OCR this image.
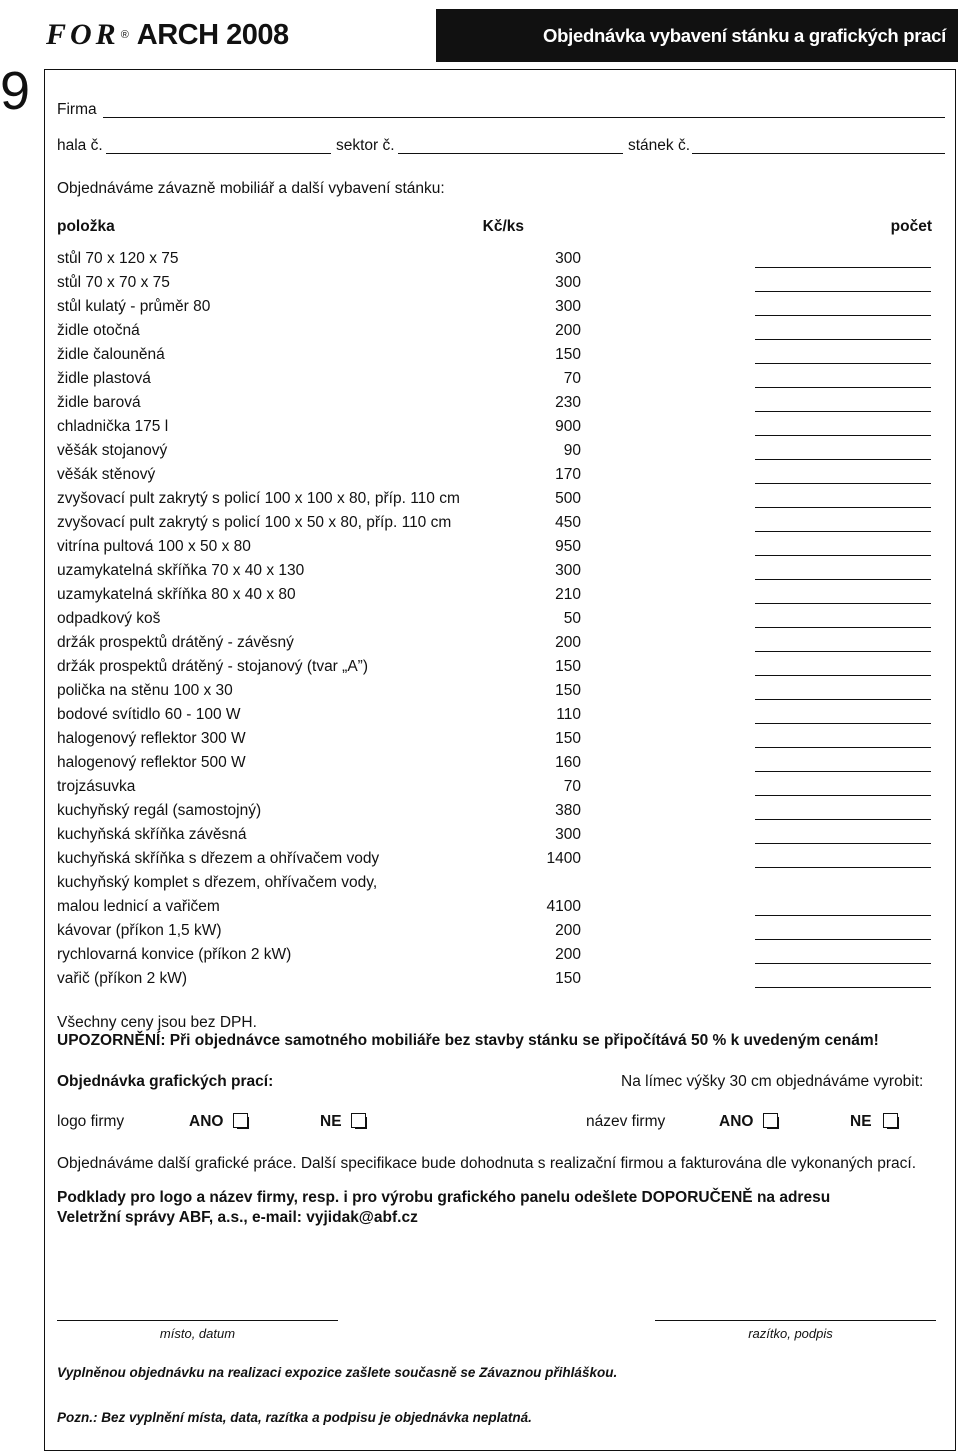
FOR ® ARCH 2008	Objednávka vybavení stánku a grafických prací
9 Firma
hala č.	sektor č.	stánek č.
Objednáváme závazně mobiliář a další vybavení stánku:
položka	Kč/ks	počet
stůl 70 x 120 x 75	300
stůl 70 x 70 x 75	300
stůl kulatý - průměr 80	300
židle otočná	200
židle čalouněná	150
židle plastová	70
židle barová	230
chladnička 175 l	900
věšák stojanový	90
věšák stěnový	170
zvyšovací pult zakrytý s policí 100 x 100 x 80, příp. 110 cm	500
zvyšovací pult zakrytý s policí 100 x 50 x 80, příp. 110 cm	450
vitrína pultová 100 x 50 x 80	950
uzamykatelná skříňka 70 x 40 x 130	300
uzamykatelná skříňka 80 x 40 x 80	210
odpadkový koš	50
držák prospektů drátěný - závěsný	200
držák prospektů drátěný - stojanový (tvar „A”)	150
polička na stěnu 100 x 30	150
bodové svítidlo 60 - 100 W	110
halogenový reflektor 300 W	150
halogenový reflektor 500 W	160
trojzásuvka	70
kuchyňský regál (samostojný)	380
kuchyňská skříňka závěsná	300
kuchyňská skříňka s dřezem a ohřívačem vody	1400
kuchyňský komplet s dřezem, ohřívačem vody,
malou lednicí a vařičem	4100
kávovar (příkon 1,5 kW)	200
rychlovarná konvice (příkon 2 kW)	200
vařič (příkon 2 kW)	150
Všechny ceny jsou bez DPH.
UPOZORNĚNÍ: Při objednávce samotného mobiliáře bez stavby stánku se připočítává 50 % k uvedeným cenám!
Objednávka grafických prací:	Na límec výšky 30 cm objednáváme vyrobit:
logo firmy	ANO	NE	název firmy	ANO	NE
Objednáváme další grafické práce. Další specifikace bude dohodnuta s realizační firmou a fakturována dle vykonaných prací.
Podklady pro logo a název firmy, resp. i pro výrobu grafického panelu odešlete DOPORUČENĚ na adresu
Veletržní správy ABF, a.s., e-mail: vyjidak@abf.cz
místo, datum	razítko, podpis
Vyplněnou objednávku na realizaci expozice zašlete současně se Závaznou přihláškou.
Pozn.: Bez vyplnění místa, data, razítka a podpisu je objednávka neplatná.
